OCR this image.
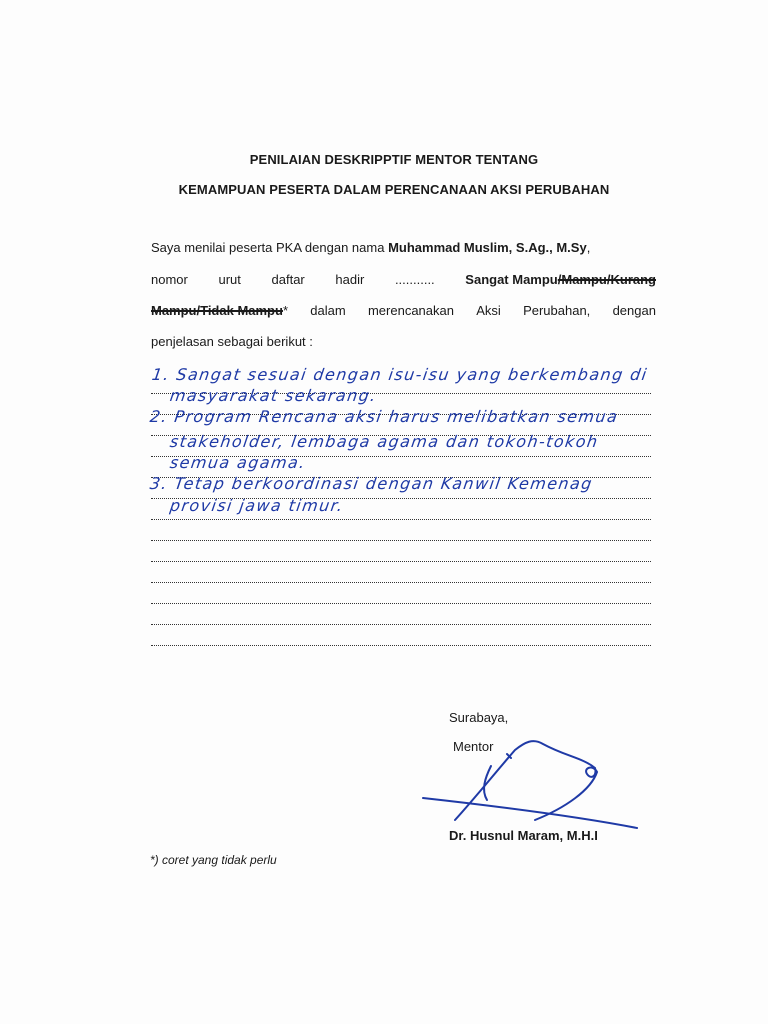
PENILAIAN DESKRIPPTIF MENTOR TENTANG
KEMAMPUAN PESERTA DALAM PERENCANAAN AKSI PERUBAHAN
Saya menilai peserta PKA dengan nama Muhammad Muslim, S.Ag., M.Sy,
nomor urut daftar hadir ........... Sangat Mampu/Mampu/Kurang
Mampu/Tidak Mampu* dalam merencanakan Aksi Perubahan, dengan
penjelasan sebagai berikut :
1. Sangat sesuai dengan isu-isu yang berkembang di
masyarakat sekarang.
2. Program Rencana aksi harus melibatkan semua
stakeholder, lembaga agama dan tokoh-tokoh
semua agama.
3. Tetap berkoordinasi dengan Kanwil Kemenag
provisi jawa timur.
Surabaya,
Mentor
Dr. Husnul Maram, M.H.I
*) coret yang tidak perlu
